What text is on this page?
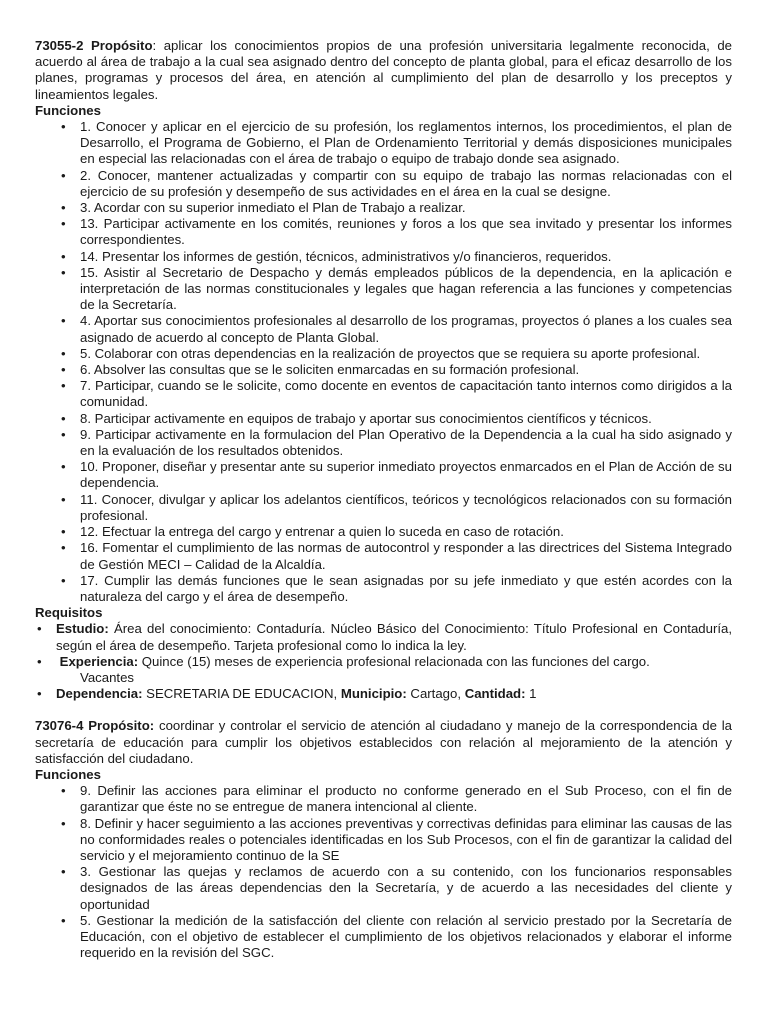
73055-2 Propósito: aplicar los conocimientos propios de una profesión universitaria legalmente reconocida, de acuerdo al área de trabajo a la cual sea asignado dentro del concepto de planta global, para el eficaz desarrollo de los planes, programas y procesos del área, en atención al cumplimiento del plan de desarrollo y los preceptos y lineamientos legales.

Funciones
• 1. Conocer y aplicar en el ejercicio de su profesión, los reglamentos internos, los procedimientos, el plan de Desarrollo, el Programa de Gobierno, el Plan de Ordenamiento Territorial y demás disposiciones municipales en especial las relacionadas con el área de trabajo o equipo de trabajo donde sea asignado.
• 2. Conocer, mantener actualizadas y compartir con su equipo de trabajo las normas relacionadas con el ejercicio de su profesión y desempeño de sus actividades en el área en la cual se designe.
• 3. Acordar con su superior inmediato el Plan de Trabajo a realizar.
• 13. Participar activamente en los comités, reuniones y foros a los que sea invitado y presentar los informes correspondientes.
• 14. Presentar los informes de gestión, técnicos, administrativos y/o financieros, requeridos.
• 15. Asistir al Secretario de Despacho y demás empleados públicos de la dependencia, en la aplicación e interpretación de las normas constitucionales y legales que hagan referencia a las funciones y competencias de la Secretaría.
• 4. Aportar sus conocimientos profesionales al desarrollo de los programas, proyectos ó planes a los cuales sea asignado de acuerdo al concepto de Planta Global.
• 5. Colaborar con otras dependencias en la realización de proyectos que se requiera su aporte profesional.
• 6. Absolver las consultas que se le soliciten enmarcadas en su formación profesional.
• 7. Participar, cuando se le solicite, como docente en eventos de capacitación tanto internos como dirigidos a la comunidad.
• 8. Participar activamente en equipos de trabajo y aportar sus conocimientos científicos y técnicos.
• 9. Participar activamente en la formulacion del Plan Operativo de la Dependencia a la cual ha sido asignado y en la evaluación de los resultados obtenidos.
• 10. Proponer, diseñar y presentar ante su superior inmediato proyectos enmarcados en el Plan de Acción de su dependencia.
• 11. Conocer, divulgar y aplicar los adelantos científicos, teóricos y tecnológicos relacionados con su formación profesional.
• 12. Efectuar la entrega del cargo y entrenar a quien lo suceda en caso de rotación.
• 16. Fomentar el cumplimiento de las normas de autocontrol y responder a las directrices del Sistema Integrado de Gestión MECI – Calidad de la Alcaldía.
• 17. Cumplir las demás funciones que le sean asignadas por su jefe inmediato y que estén acordes con la naturaleza del cargo y el área de desempeño.
Requisitos
• Estudio: Área del conocimiento: Contaduría. Núcleo Básico del Conocimiento: Título Profesional en Contaduría, según el área de desempeño. Tarjeta profesional como lo indica la ley.
• Experiencia: Quince (15) meses de experiencia profesional relacionada con las funciones del cargo.
Vacantes
• Dependencia: SECRETARIA DE EDUCACION, Municipio: Cartago, Cantidad: 1

73076-4 Propósito: coordinar y controlar el servicio de atención al ciudadano y manejo de la correspondencia de la secretaría de educación para cumplir los objetivos establecidos con relación al mejoramiento de la atención y satisfacción del ciudadano.

Funciones
• 9. Definir las acciones para eliminar el producto no conforme generado en el Sub Proceso, con el fin de garantizar que éste no se entregue de manera intencional al cliente.
• 8. Definir y hacer seguimiento a las acciones preventivas y correctivas definidas para eliminar las causas de las no conformidades reales o potenciales identificadas en los Sub Procesos, con el fin de garantizar la calidad del servicio y el mejoramiento continuo de la SE
• 3. Gestionar las quejas y reclamos de acuerdo con a su contenido, con los funcionarios responsables designados de las áreas dependencias den la Secretaría, y de acuerdo a las necesidades del cliente y oportunidad
• 5. Gestionar la medición de la satisfacción del cliente con relación al servicio prestado por la Secretaría de Educación, con el objetivo de establecer el cumplimiento de los objetivos relacionados y elaborar el informe requerido en la revisión del SGC.
